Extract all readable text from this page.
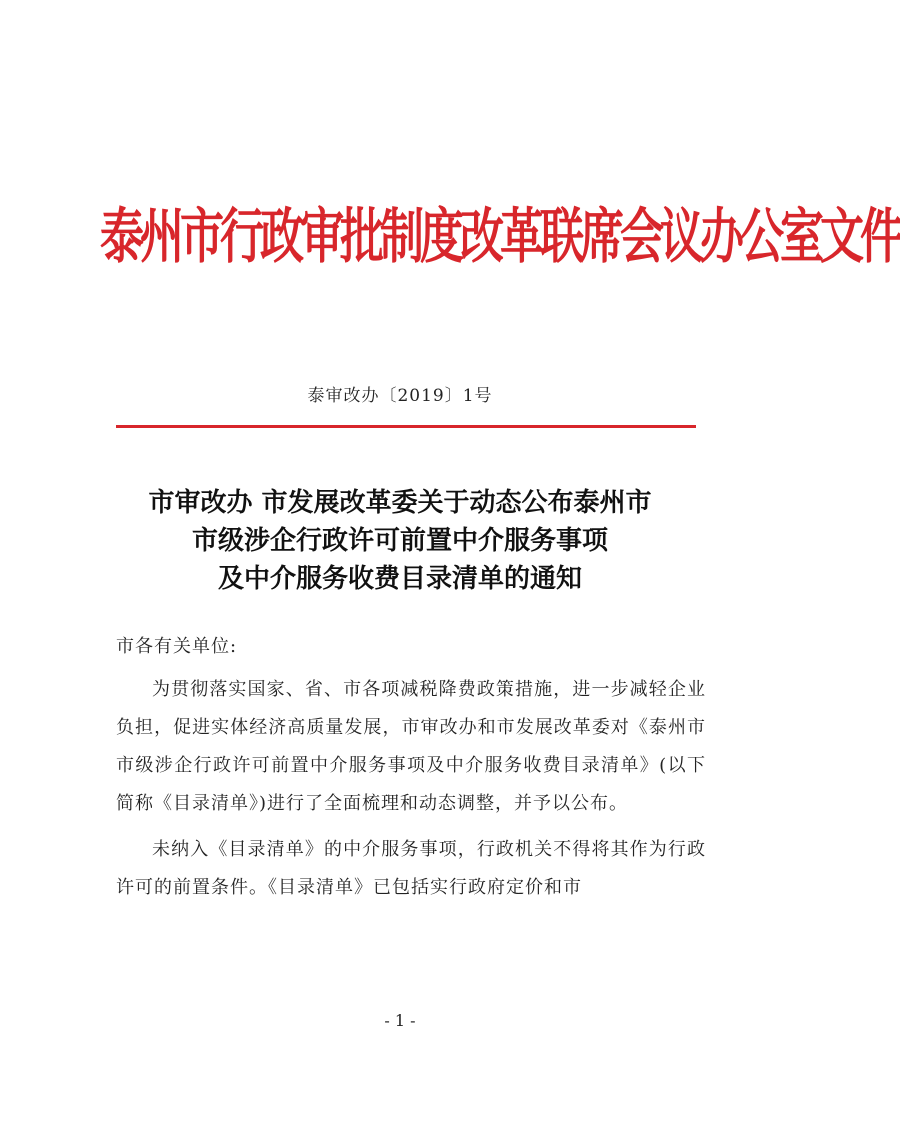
泰州市行政审批制度改革联席会议办公室文件
泰审改办〔2019〕1号
市审改办 市发展改革委关于动态公布泰州市
市级涉企行政许可前置中介服务事项
及中介服务收费目录清单的通知
市各有关单位:

为贯彻落实国家、省、市各项减税降费政策措施，进一步减轻企业负担，促进实体经济高质量发展，市审改办和市发展改革委对《泰州市市级涉企行政许可前置中介服务事项及中介服务收费目录清单》(以下简称《目录清单》)进行了全面梳理和动态调整，并予以公布。

未纳入《目录清单》的中介服务事项，行政机关不得将其作为行政许可的前置条件。《目录清单》已包括实行政府定价和市

- 1 -
